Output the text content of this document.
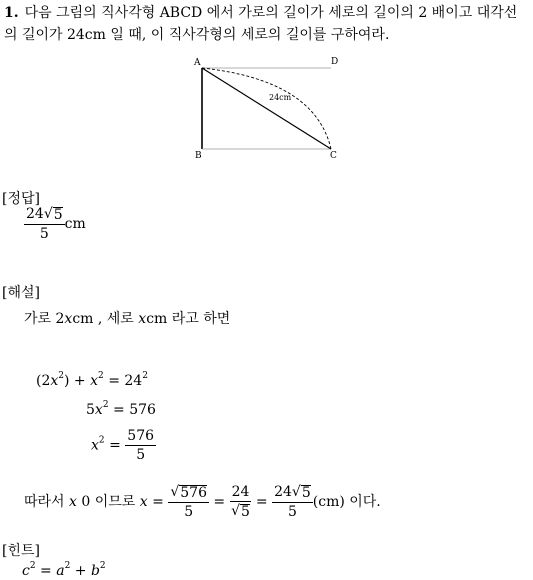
1. 다음 그림의 직사각형 ABCD 에서 가로의 길이가 세로의 길이의 2 배이고 대각선의 길이가 24cm 일 때, 이 직사각형의 세로의 길이를 구하여라.
A	D
B	C
24cm
[정답]
$\frac{24 √ 5}{5}$ cm
[해설]
가로 2xcm , 세로 xcm 라고 하면
$(2x^2) + x^2 = 24^2$
$5x^2 = 576$
$x^2 = \frac{576}{5}$
따라서 x 0 이므로 $x = \frac{√ 576}{5} = \frac{24}{√ 5} = \frac{24 √ 5}{5} (cm)$ 이다.
[힌트]
$c^2 = a^2 + b^2$
